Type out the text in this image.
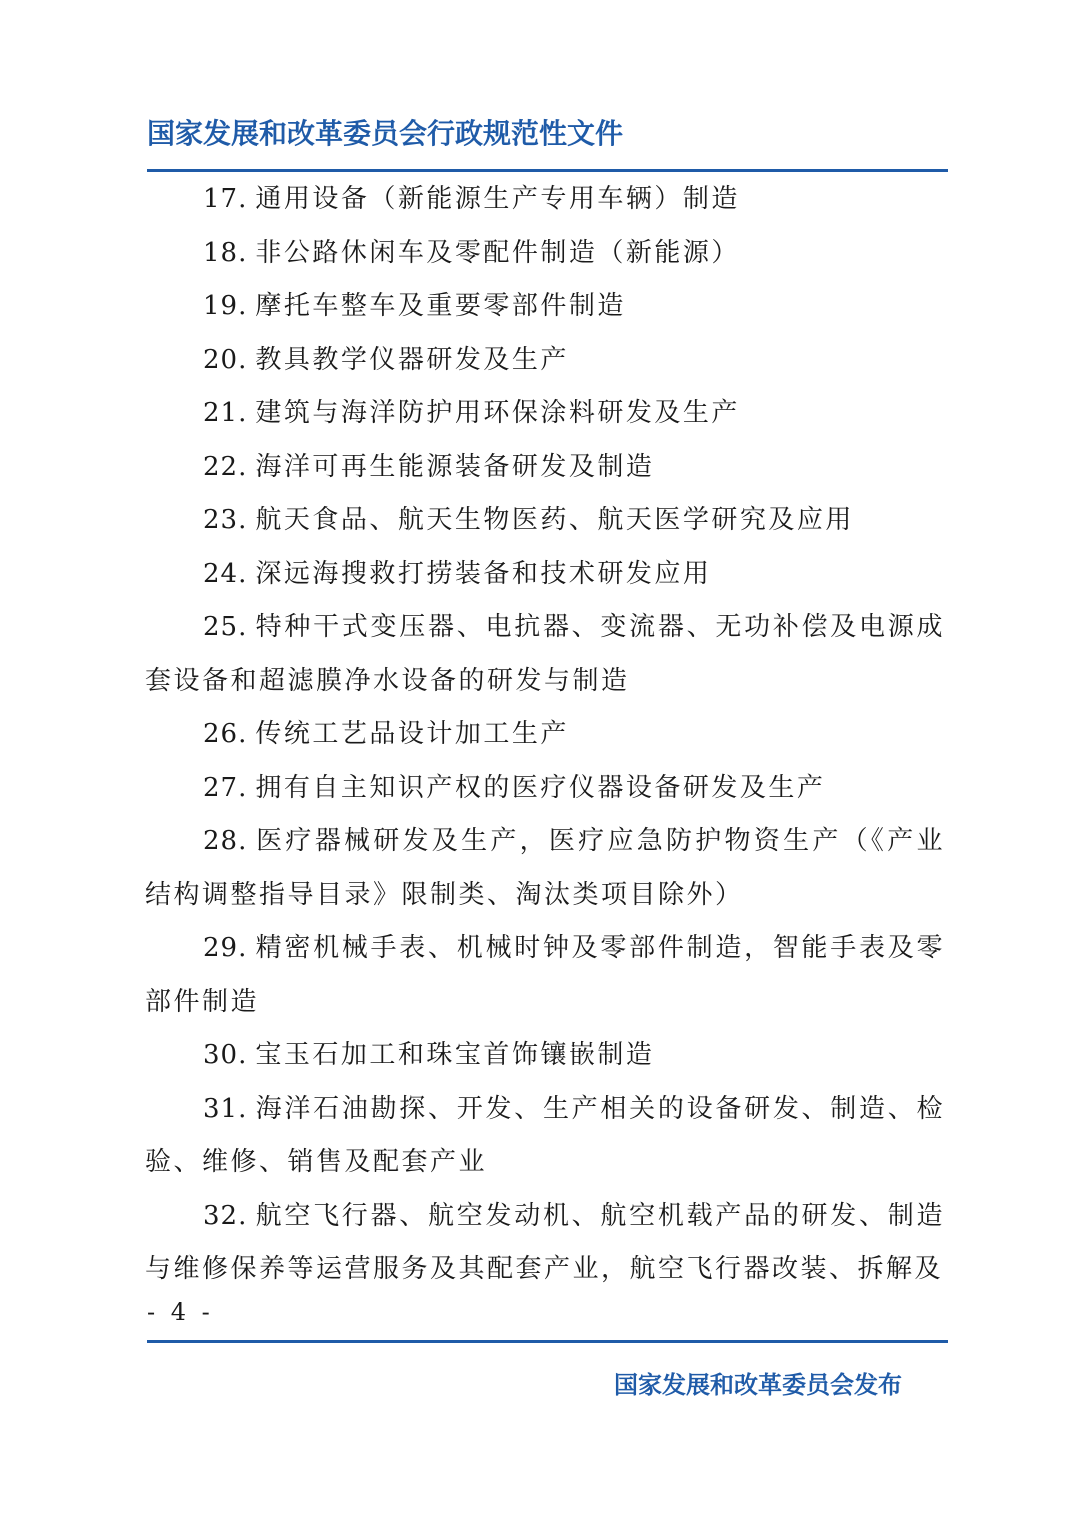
国家发展和改革委员会行政规范性文件

17. 通用设备（新能源生产专用车辆）制造

18. 非公路休闲车及零配件制造（新能源）

19. 摩托车整车及重要零部件制造

20. 教具教学仪器研发及生产

21. 建筑与海洋防护用环保涂料研发及生产

22. 海洋可再生能源装备研发及制造

23. 航天食品、航天生物医药、航天医学研究及应用

24. 深远海搜救打捞装备和技术研发应用

25. 特种干式变压器、电抗器、变流器、无功补偿及电源成套设备和超滤膜净水设备的研发与制造

26. 传统工艺品设计加工生产

27. 拥有自主知识产权的医疗仪器设备研发及生产

28. 医疗器械研发及生产，医疗应急防护物资生产（《产业结构调整指导目录》限制类、淘汰类项目除外）

29. 精密机械手表、机械时钟及零部件制造，智能手表及零部件制造

30. 宝玉石加工和珠宝首饰镶嵌制造

31. 海洋石油勘探、开发、生产相关的设备研发、制造、检验、维修、销售及配套产业

32. 航空飞行器、航空发动机、航空机载产品的研发、制造与维修保养等运营服务及其配套产业，航空飞行器改装、拆解及

- 4 -
国家发展和改革委员会发布
